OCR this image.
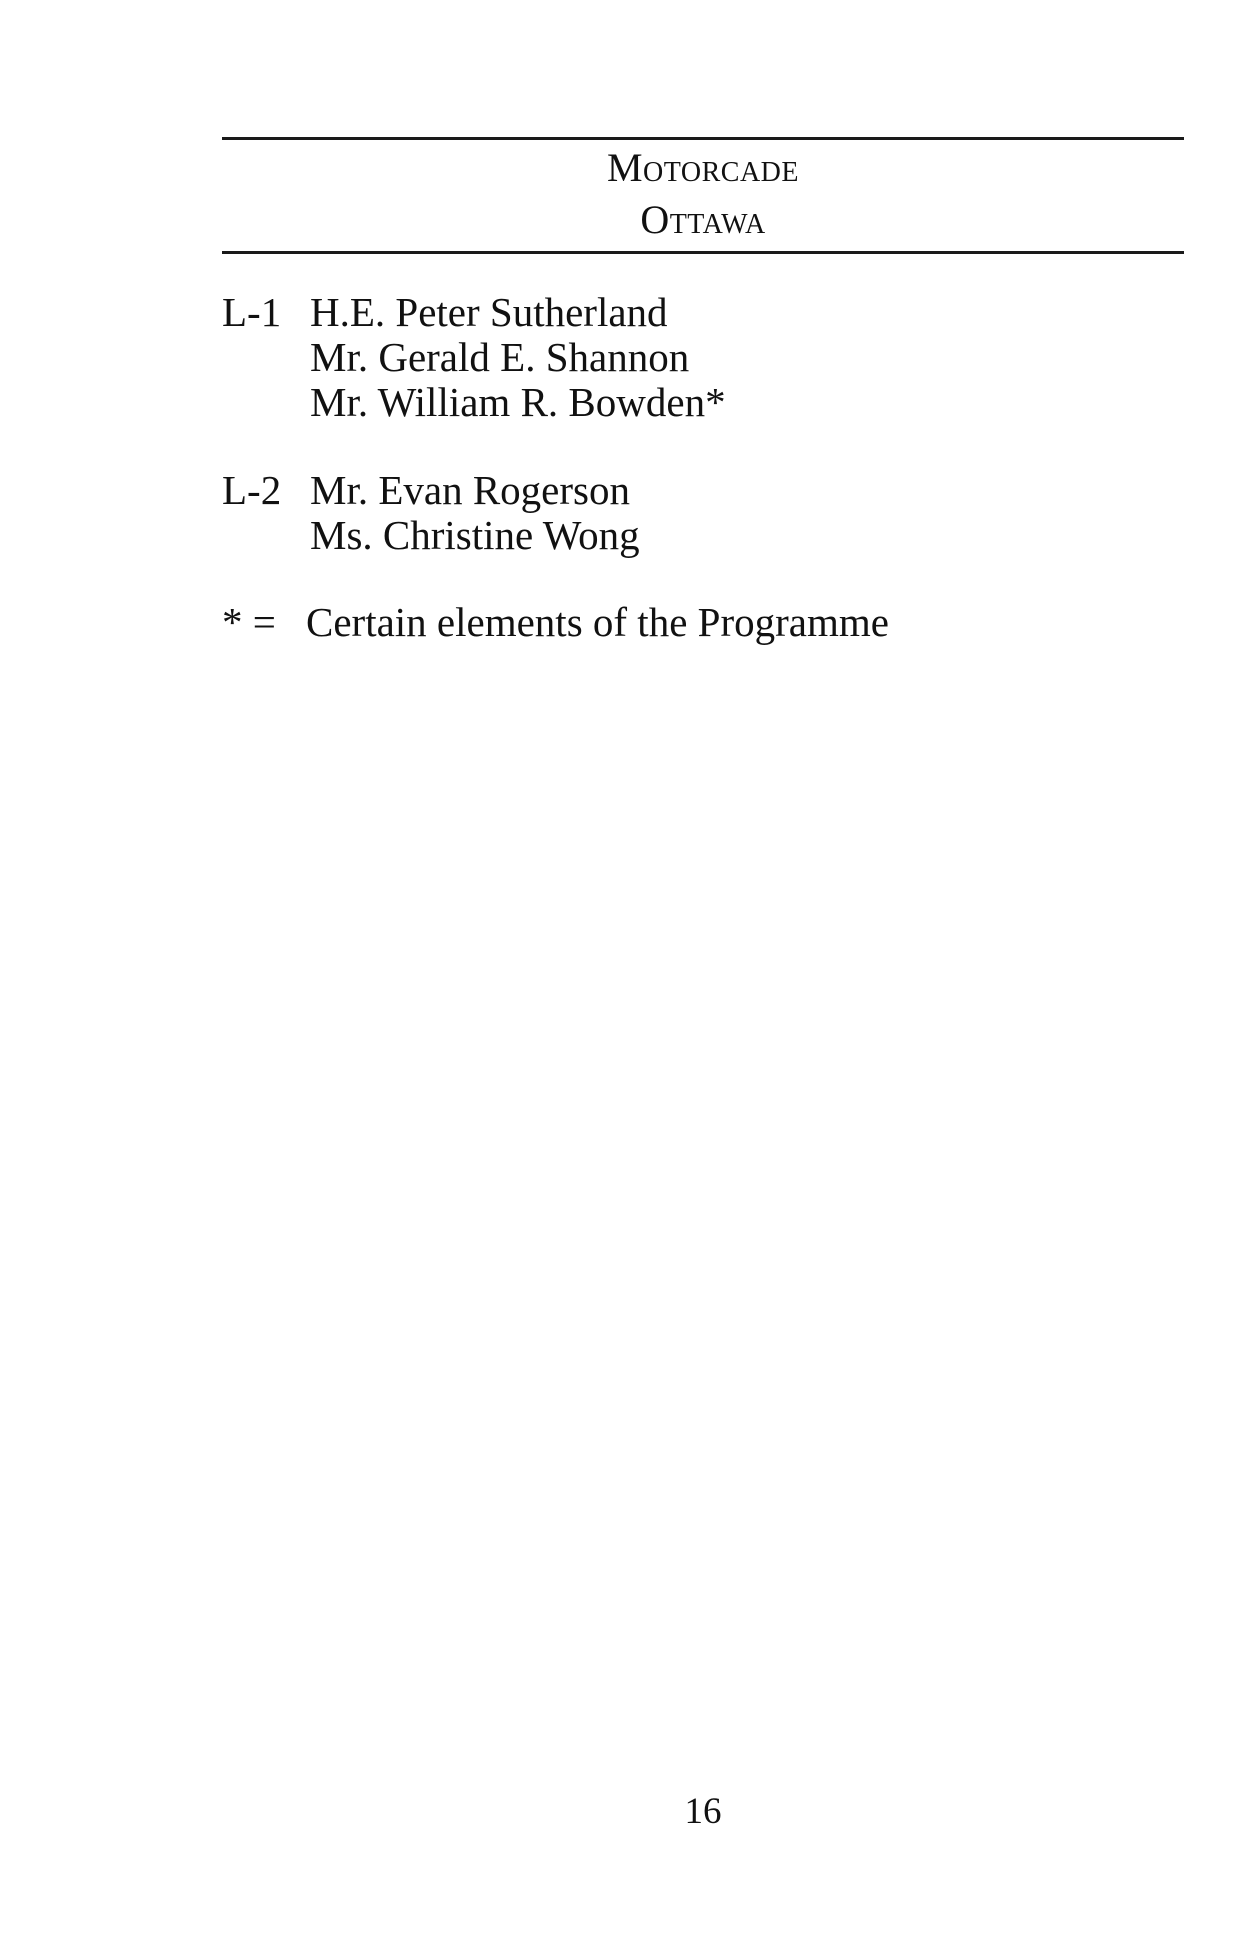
Motorcade
Ottawa
L-1 H.E. Peter Sutherland
Mr. Gerald E. Shannon
Mr. William R. Bowden*
L-2 Mr. Evan Rogerson
Ms. Christine Wong
* = Certain elements of the Programme
16
